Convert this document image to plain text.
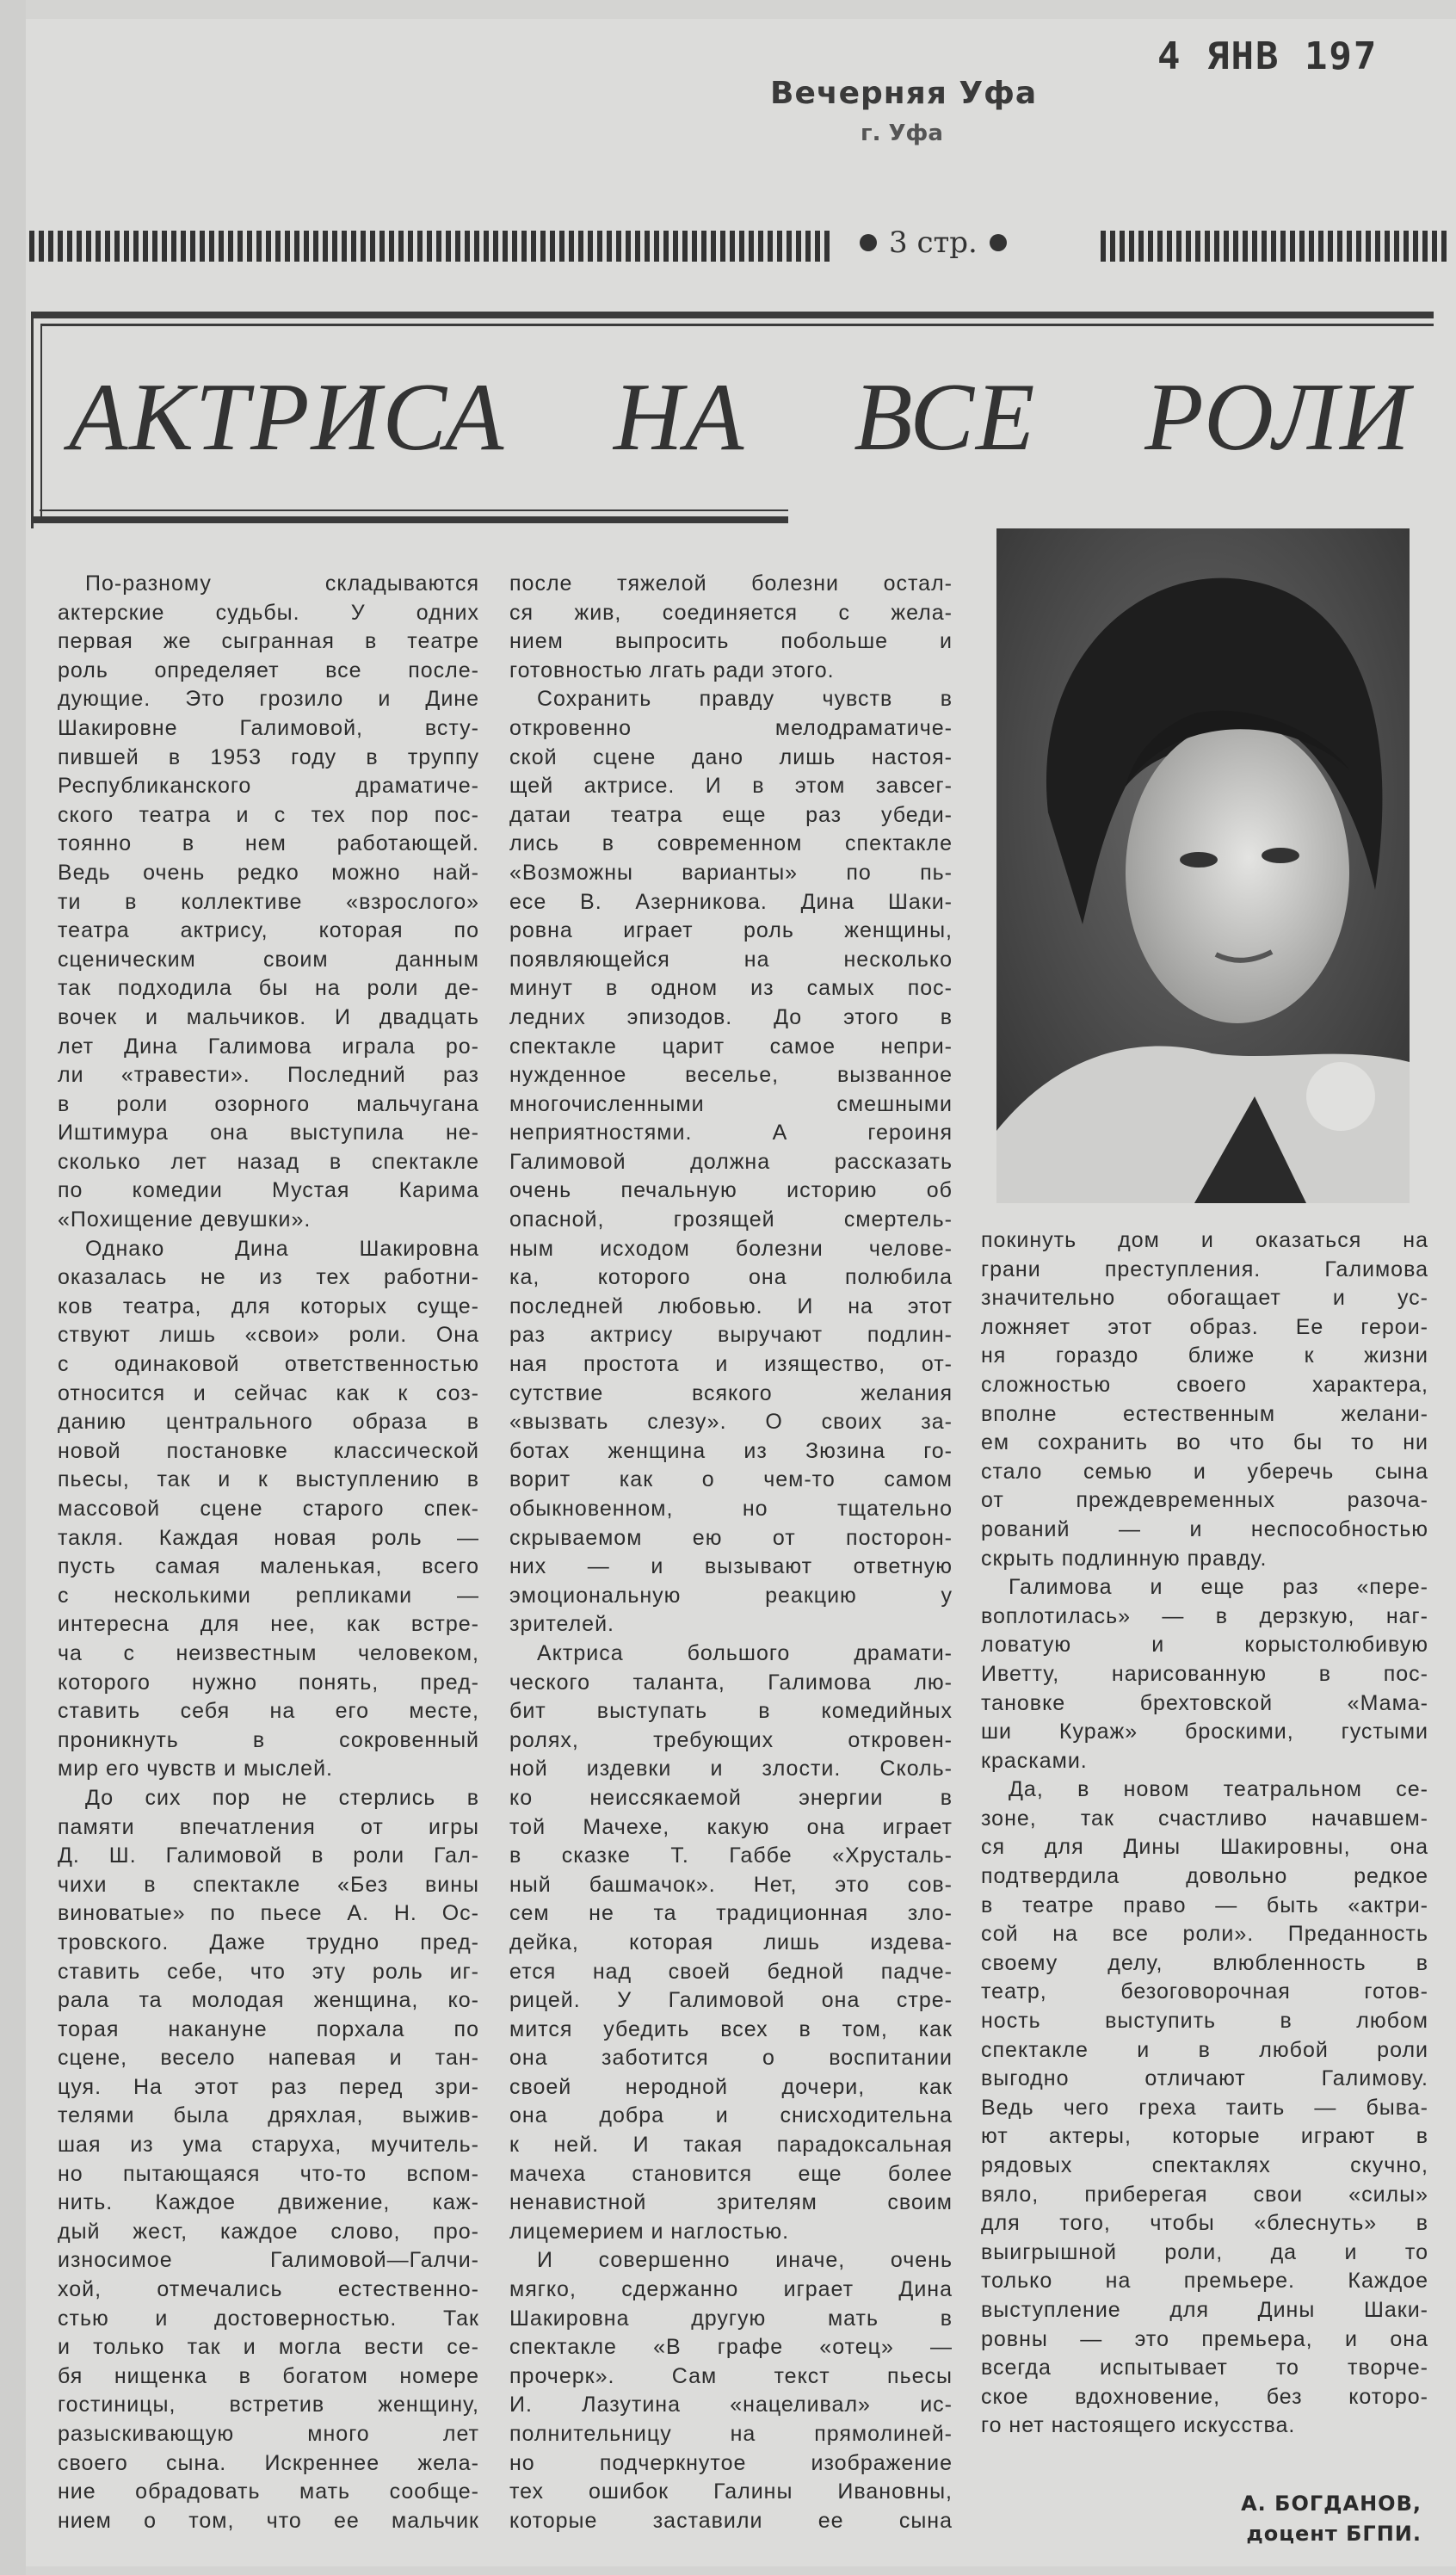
Вечерняя Уфа
г. Уфа
4 ЯНВ 197
3 стр.
АКТРИСА НА ВСЕ РОЛИ
По-разному складываются
актерские судьбы. У одних
первая же сыгранная в театре
роль определяет все после-
дующие. Это грозило и Дине
Шакировне Галимовой, всту-
пившей в 1953 году в труппу
Республиканского драматиче-
ского театра и с тех пор пос-
тоянно в нем работающей.
Ведь очень редко можно най-
ти в коллективе «взрослого»
театра актрису, которая по
сценическим своим данным
так подходила бы на роли де-
вочек и мальчиков. И двадцать
лет Дина Галимова играла ро-
ли «травести». Последний раз
в роли озорного мальчугана
Иштимура она выступила не-
сколько лет назад в спектакле
по комедии Мустая Карима
«Похищение девушки».
Однако Дина Шакировна
оказалась не из тех работни-
ков театра, для которых суще-
ствуют лишь «свои» роли. Она
с одинаковой ответственностью
относится и сейчас как к соз-
данию центрального образа в
новой постановке классической
пьесы, так и к выступлению в
массовой сцене старого спек-
такля. Каждая новая роль —
пусть самая маленькая, всего
с несколькими репликами —
интересна для нее, как встре-
ча с неизвестным человеком,
которого нужно понять, пред-
ставить себя на его месте,
проникнуть в сокровенный
мир его чувств и мыслей.
До сих пор не стерлись в
памяти впечатления от игры
Д. Ш. Галимовой в роли Гал-
чихи в спектакле «Без вины
виноватые» по пьесе А. Н. Ос-
тровского. Даже трудно пред-
ставить себе, что эту роль иг-
рала та молодая женщина, ко-
торая накануне порхала по
сцене, весело напевая и тан-
цуя. На этот раз перед зри-
телями была дряхлая, выжив-
шая из ума старуха, мучитель-
но пытающаяся что-то вспом-
нить. Каждое движение, каж-
дый жест, каждое слово, про-
износимое Галимовой—Галчи-
хой, отмечались естественно-
стью и достоверностью. Так
и только так и могла вести се-
бя нищенка в богатом номере
гостиницы, встретив женщину,
разыскивающую много лет
своего сына. Искреннее жела-
ние обрадовать мать сообще-
нием о том, что ее мальчик
после тяжелой болезни остал-
ся жив, соединяется с жела-
нием выпросить побольше и
готовностью лгать ради этого.
Сохранить правду чувств в
откровенно мелодраматиче-
ской сцене дано лишь настоя-
щей актрисе. И в этом завсег-
датаи театра еще раз убеди-
лись в современном спектакле
«Возможны варианты» по пь-
есе В. Азерникова. Дина Шаки-
ровна играет роль женщины,
появляющейся на несколько
минут в одном из самых пос-
ледних эпизодов. До этого в
спектакле царит самое непри-
нужденное веселье, вызванное
многочисленными смешными
неприятностями. А героиня
Галимовой должна рассказать
очень печальную историю об
опасной, грозящей смертель-
ным исходом болезни челове-
ка, которого она полюбила
последней любовью. И на этот
раз актрису выручают подлин-
ная простота и изящество, от-
сутствие всякого желания
«вызвать слезу». О своих за-
ботах женщина из Зюзина го-
ворит как о чем-то самом
обыкновенном, но тщательно
скрываемом ею от посторон-
них — и вызывают ответную
эмоциональную реакцию у
зрителей.
Актриса большого драмати-
ческого таланта, Галимова лю-
бит выступать в комедийных
ролях, требующих откровен-
ной издевки и злости. Сколь-
ко неиссякаемой энергии в
той Мачехе, какую она играет
в сказке Т. Габбе «Хрусталь-
ный башмачок». Нет, это сов-
сем не та традиционная зло-
дейка, которая лишь издева-
ется над своей бедной падче-
рицей. У Галимовой она стре-
мится убедить всех в том, как
она заботится о воспитании
своей неродной дочери, как
она добра и снисходительна
к ней. И такая парадоксальная
мачеха становится еще более
ненавистной зрителям своим
лицемерием и наглостью.
И совершенно иначе, очень
мягко, сдержанно играет Дина
Шакировна другую мать в
спектакле «В графе «отец» —
прочерк». Сам текст пьесы
И. Лазутина «нацеливал» ис-
полнительницу на прямолиней-
но подчеркнутое изображение
тех ошибок Галины Ивановны,
которые заставили ее сына
покинуть дом и оказаться на
грани преступления. Галимова
значительно обогащает и ус-
ложняет этот образ. Ее герои-
ня гораздо ближе к жизни
сложностью своего характера,
вполне естественным желани-
ем сохранить во что бы то ни
стало семью и уберечь сына
от преждевременных разоча-
рований — и неспособностью
скрыть подлинную правду.
Галимова и еще раз «пере-
воплотилась» — в дерзкую, наг-
ловатую и корыстолюбивую
Иветту, нарисованную в пос-
тановке брехтовской «Мама-
ши Кураж» броскими, густыми
красками.
Да, в новом театральном се-
зоне, так счастливо начавшем-
ся для Дины Шакировны, она
подтвердила довольно редкое
в театре право — быть «актри-
сой на все роли». Преданность
своему делу, влюбленность в
театр, безоговорочная готов-
ность выступить в любом
спектакле и в любой роли
выгодно отличают Галимову.
Ведь чего греха таить — быва-
ют актеры, которые играют в
рядовых спектаклях скучно,
вяло, приберегая свои «силы»
для того, чтобы «блеснуть» в
выигрышной роли, да и то
только на премьере. Каждое
выступление для Дины Шаки-
ровны — это премьера, и она
всегда испытывает то творче-
ское вдохновение, без которо-
го нет настоящего искусства.
А. БОГДАНОВ,
доцент БГПИ.
